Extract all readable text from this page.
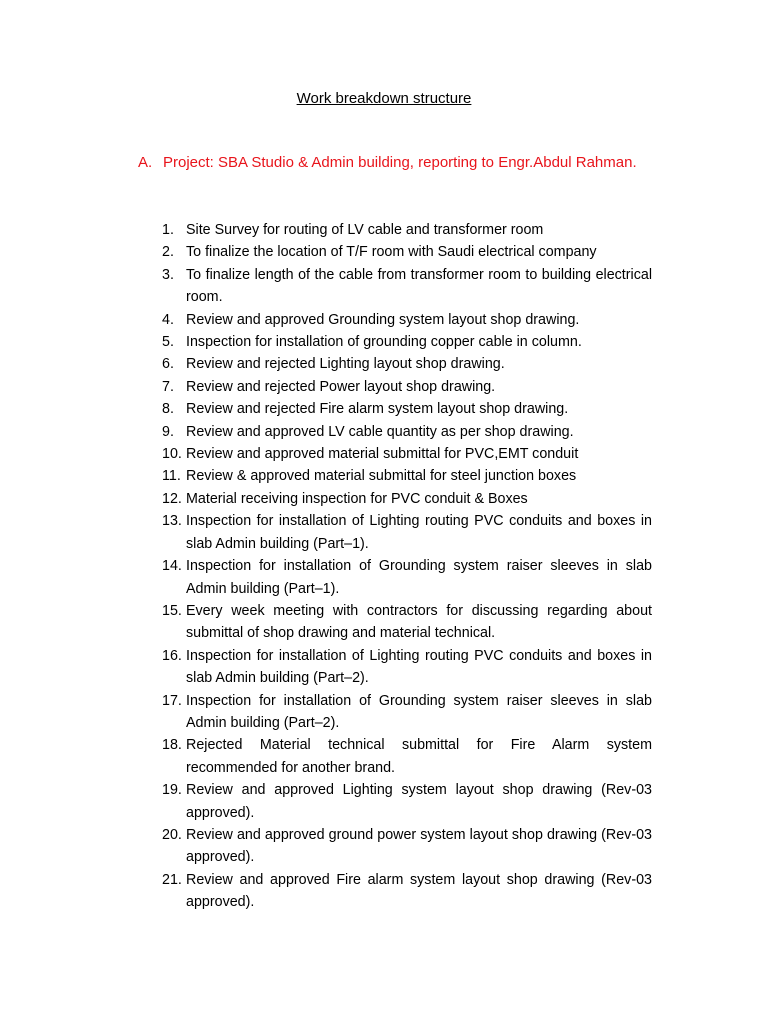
Work breakdown structure
A. Project: SBA Studio & Admin building, reporting to Engr.Abdul Rahman.
1. Site Survey for routing of LV cable and transformer room
2. To finalize the location of T/F room with Saudi electrical company
3. To finalize length of the cable from transformer room to building electrical room.
4. Review and approved Grounding system layout shop drawing.
5. Inspection for installation of grounding copper cable in column.
6. Review and rejected Lighting layout shop drawing.
7. Review and rejected Power layout shop drawing.
8. Review and rejected Fire alarm system layout shop drawing.
9. Review and approved LV cable quantity as per shop drawing.
10. Review and approved material submittal for PVC,EMT conduit
11. Review & approved material submittal for steel junction boxes
12. Material receiving inspection for PVC conduit & Boxes
13. Inspection for installation of Lighting routing PVC conduits and boxes in slab Admin building (Part–1).
14. Inspection for installation of Grounding system raiser sleeves in slab Admin building (Part–1).
15. Every week meeting with contractors for discussing regarding about submittal of shop drawing and material technical.
16. Inspection for installation of Lighting routing PVC conduits and boxes in slab Admin building (Part–2).
17. Inspection for installation of Grounding system raiser sleeves in slab Admin building (Part–2).
18. Rejected Material technical submittal for Fire Alarm system recommended for another brand.
19. Review and approved Lighting system layout shop drawing (Rev-03 approved).
20. Review and approved ground power system layout shop drawing (Rev-03 approved).
21. Review and approved Fire alarm system layout shop drawing (Rev-03 approved).
